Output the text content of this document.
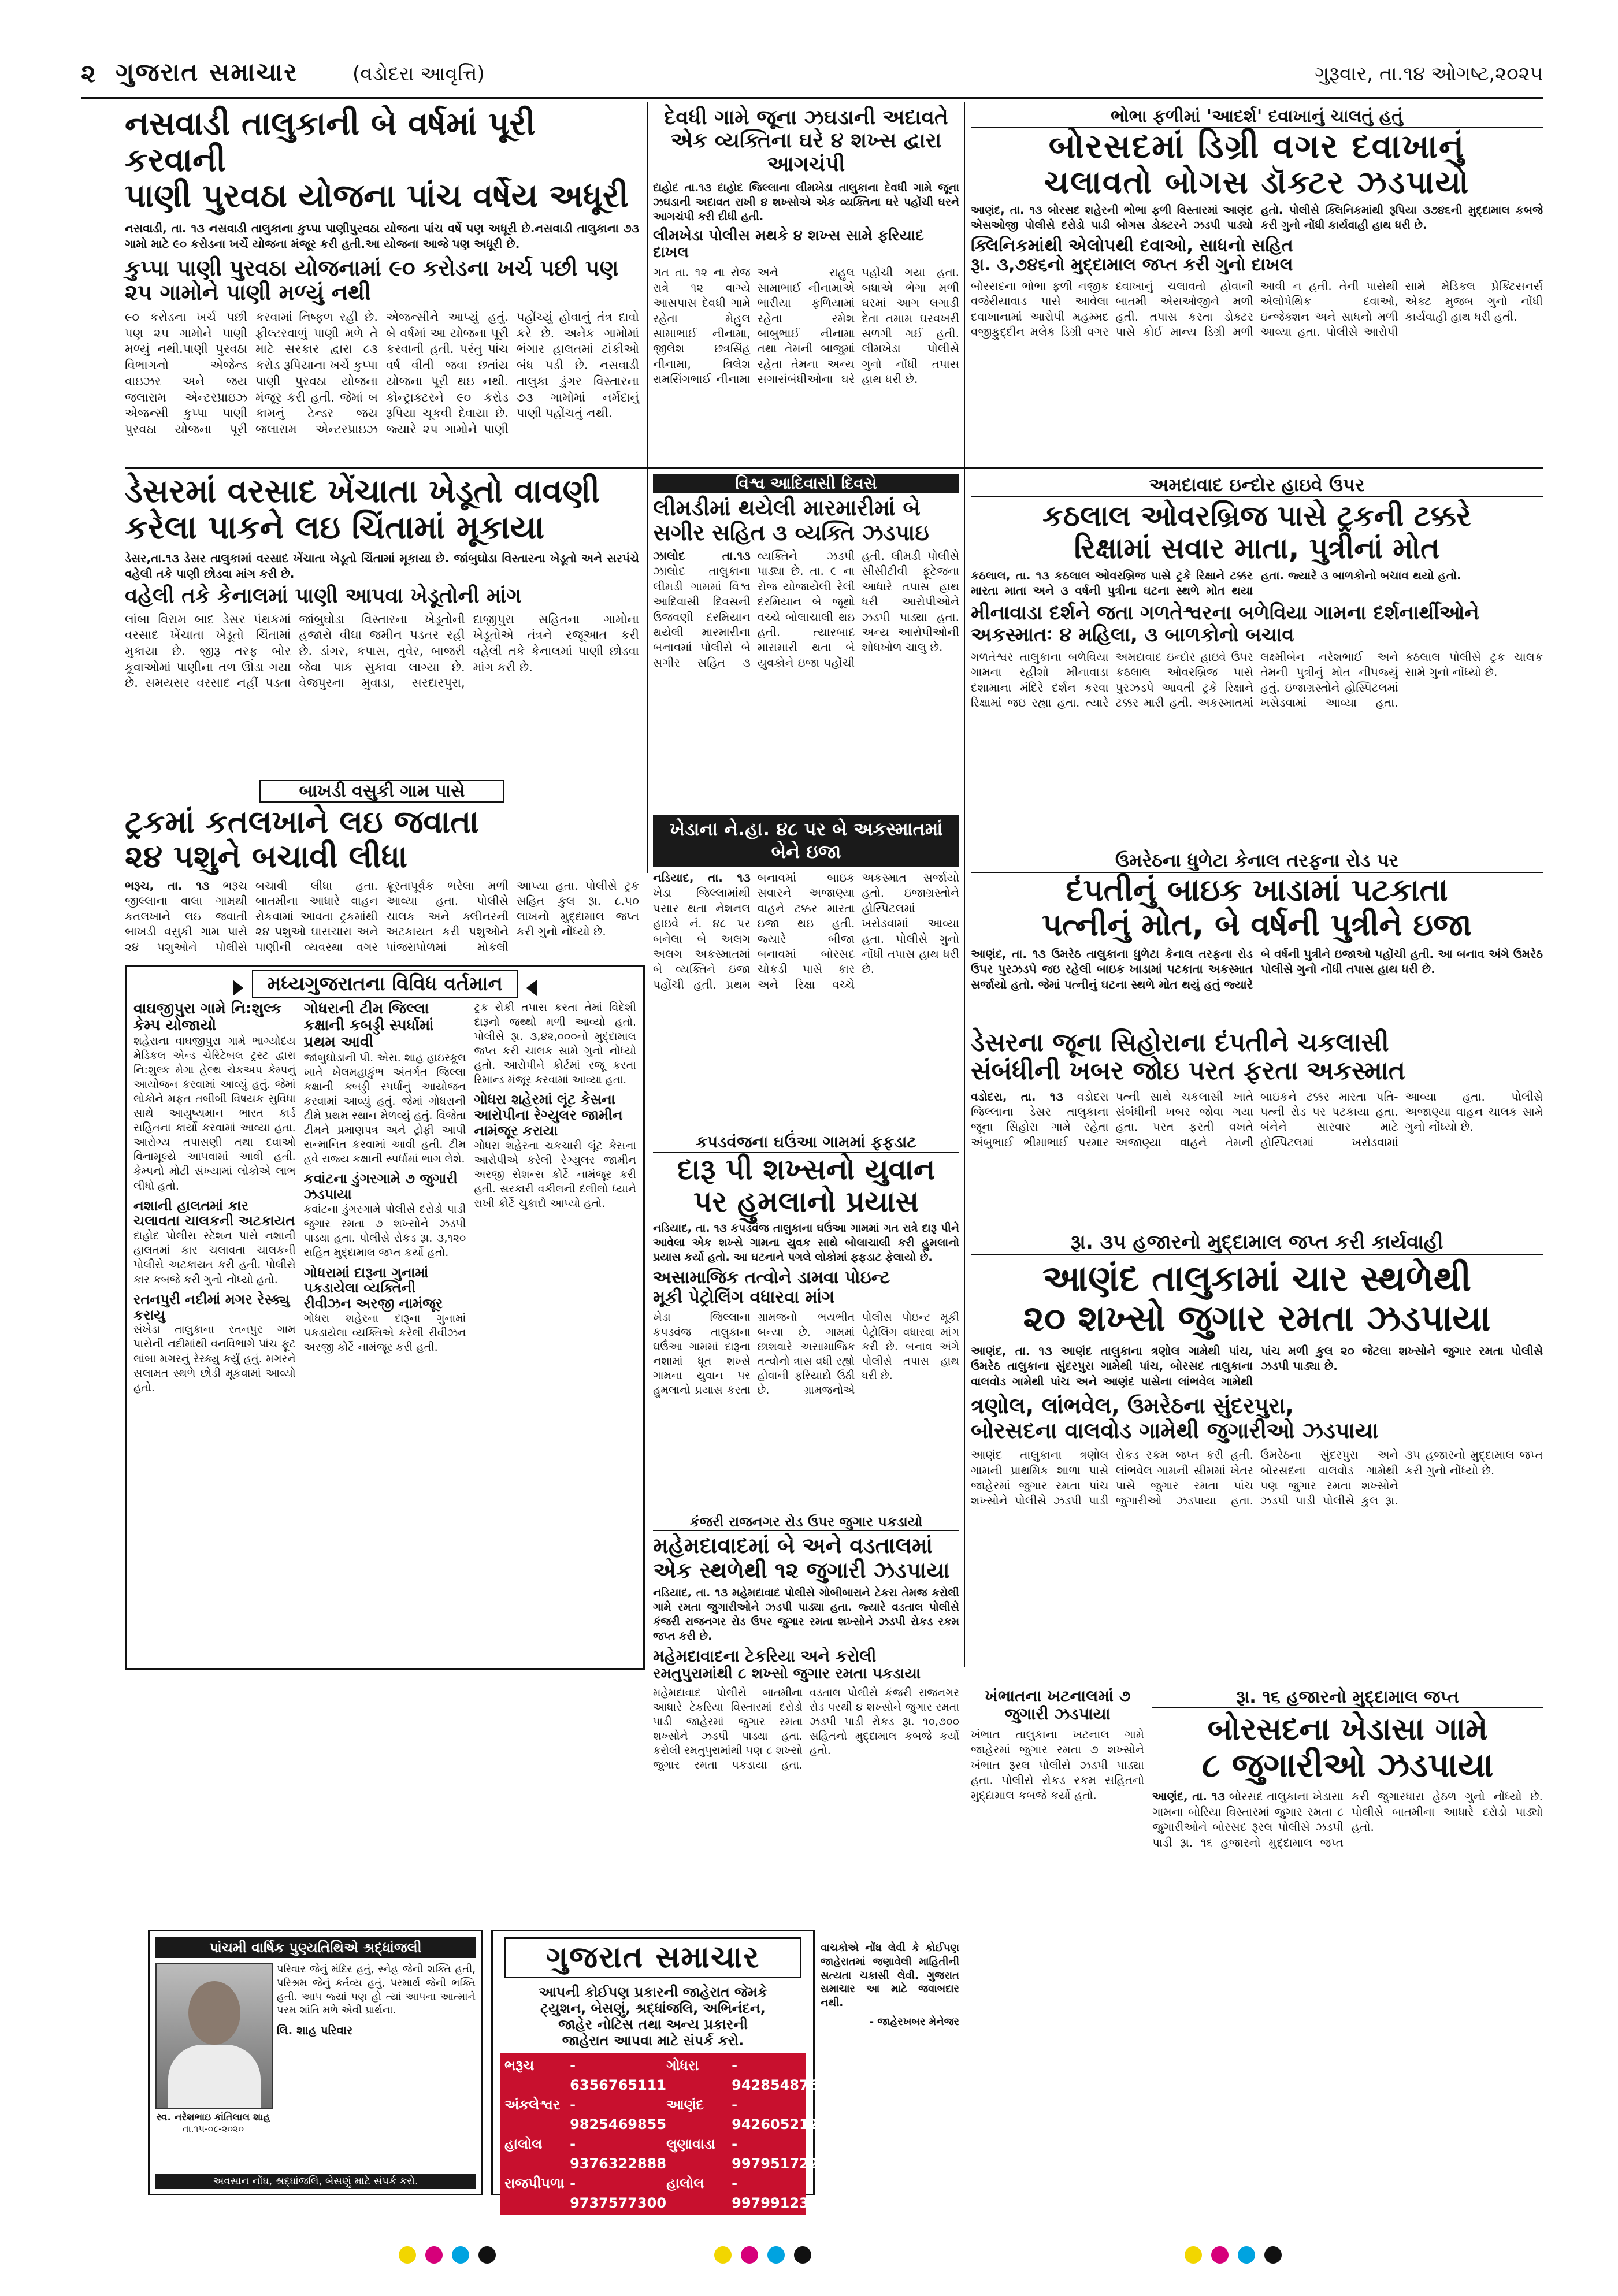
૨ ગુજરાત સમાચાર	(વડોદરા આવૃત્તિ)	ગુરૂવાર, તા.૧૪ ઓગષ્ટ,૨૦૨૫
નસવાડી તાલુકાની બે વર્ષમાં પૂરી કરવાની
પાણી પુરવઠા યોજના પાંચ વર્ષેય અધૂરી
નસવાડી, તા. ૧૩ નસવાડી તાલુકાના કુપ્પા પાણીપુરવઠા યોજના પાંચ વર્ષે પણ અધૂરી છે.નસવાડી તાલુકાના ૭૩ ગામો માટે ૯૦ કરોડના ખર્ચે યોજના મંજૂર કરી હતી.આ યોજના આજે પણ અધૂરી છે.
કુપ્પા પાણી પુરવઠા યોજનામાં ૯૦ કરોડના ખર્ચ પછી પણ ૨૫ ગામોને પાણી મળ્યું નથી
૯૦ કરોડના ખર્ચ પછી પણ ૨૫ ગામોને પાણી મળ્યું નથી.પાણી પુરવઠા વિભાગનો એજેન્ડ વાઇઝર અને જય જલારામ એન્ટરપ્રાઇઝ એજન્સી કુપ્પા પાણી પુરવઠા યોજના પૂરી કરવામાં નિષ્ફળ રહી છે. ફીલ્ટરવાળું પાણી મળે તે માટે સરકાર દ્વારા ૮૩ કરોડ રૂપિયાના ખર્ચે કુપ્પા પાણી પુરવઠા યોજના મંજૂર કરી હતી. જેમાં બ કામનું ટેન્ડર જય જલારામ એન્ટરપ્રાઇઝ એજન્સીને આપ્યું હતું. બે વર્ષમાં આ યોજના પૂરી કરવાની હતી. પરંતુ પાંચ વર્ષ વીતી જવા છતાંય યોજના પૂરી થઇ નથી. કોન્ટ્રાક્ટરને ૯૦ કરોડ રૂપિયા ચૂકવી દેવાયા છે. જ્યારે ૨૫ ગામોને પાણી પહોંચ્યું હોવાનું તંત્ર દાવો કરે છે. અનેક ગામોમાં ભંગાર હાલતમાં ટાંકીઓ બંધ પડી છે. નસવાડી તાલુકા ડુંગર વિસ્તારના ૭૩ ગામોમાં નર્મદાનું પાણી પહોંચતું નથી.
દેવધી ગામે જૂના ઝઘડાની અદાવતે એક વ્યક્તિના ઘરે ૪ શખ્સ દ્વારા આગચંપી
દાહોદ તા.૧૩ દાહોદ જિલ્લાના લીમખેડા તાલુકાના દેવધી ગામે જૂના ઝઘડાની અદાવત રાખી ૪ શખ્સોએ એક વ્યક્તિના ઘરે પહોંચી ઘરને આગચંપી કરી દીધી હતી.
લીમખેડા પોલીસ મથકે ૪ શખ્સ સામે ફરિયાદ દાખલ
ગત તા. ૧૨ ના રોજ રાત્રે ૧૨ વાગ્યે આસપાસ દેવધી ગામે રહેતા મેહુલ સામાભાઈ નીનામા, જીલેશ છત્રસિંહ નીનામા, ત્રિલેશ રામસિંગભાઈ નીનામા અને રાહુલ સામાભાઈ નીનામાએ ભારીયા ફળિયામાં રહેતા રમેશ બાબુભાઈ નીનામા તથા તેમની બાજુમાં રહેતા તેમના અન્ય સગાસંબંધીઓના ઘરે પહોંચી ગયા હતા. બધાએ ભેગા મળી ઘરમાં આગ લગાડી દેતા તમામ ઘરવખરી સળગી ગઈ હતી. લીમખેડા પોલીસે ગુનો નોંધી તપાસ હાથ ધરી છે.
ભોભા ફળીમાં 'આદર્શ' દવાખાનું ચાલતું હતું
બોરસદમાં ડિગ્રી વગર દવાખાનું
ચલાવતો બોગસ ડૉક્ટર ઝડપાયો
આણંદ, તા. ૧૩ બોરસદ શહેરની ભોભા ફળી વિસ્તારમાં આણંદ એસઓજી પોલીસે દરોડો પાડી બોગસ ડોક્ટરને ઝડપી પાડ્યો હતો. પોલીસે ક્લિનિકમાંથી રૂપિયા ૩૭૪૬ની મુદ્દામાલ કબજે કરી ગુનો નોંધી કાર્યવાહી હાથ ધરી છે.
ક્લિનિકમાંથી એલોપથી દવાઓ, સાધનો સહિત
રૂા. ૩,૭૪૬નો મુદ્દામાલ જપ્ત કરી ગુનો દાખલ
બોરસદના ભોભા ફળી નજીક વજેરીયાવાડ પાસે આવેલા દવાખાનામાં આરોપી મહમ્મદ વજીફુદ્દીન મલેક ડિગ્રી વગર દવાખાનું ચલાવતો હોવાની બાતમી એસઓજીને મળી હતી. તપાસ કરતા ડોક્ટર પાસે કોઈ માન્ય ડિગ્રી મળી આવી ન હતી. તેની પાસેથી એલોપેથિક દવાઓ, ઇન્જેક્શન અને સાધનો મળી આવ્યા હતા. પોલીસે આરોપી સામે મેડિકલ પ્રેક્ટિસનર્સ એક્ટ મુજબ ગુનો નોંધી કાર્યવાહી હાથ ધરી હતી.
ડેસરમાં વરસાદ ખેંચાતા ખેડૂતો વાવણી
કરેલા પાકને લઇ ચિંતામાં મૂકાયા
ડેસર,તા.૧૩ ડેસર તાલુકામાં વરસાદ ખેંચાતા ખેડૂતો ચિંતામાં મૂકાયા છે. જાંબુઘોડા વિસ્તારના ખેડૂતો અને સરપંચે વહેલી તકે પાણી છોડવા માંગ કરી છે.
વહેલી તકે કેનાલમાં પાણી આપવા ખેડૂતોની માંગ
લાંબા વિરામ બાદ ડેસર પંથકમાં વરસાદ ખેંચાતા ખેડૂતો ચિંતામાં મુકાયા છે. જીરૂ તરફ બોર કૂવાઓમાં પાણીના તળ ઊંડા ગયા છે. સમયસર વરસાદ નહીં પડતા જાંબુઘોડા વિસ્તારના ખેડૂતોની હજારો વીઘા જમીન પડતર રહી છે. ડાંગર, કપાસ, તુવેર, બાજરી જેવા પાક સુકાવા લાગ્યા છે. વેજપુરના મુવાડા, સરદારપુરા, દાજીપુરા સહિતના ગામોના ખેડૂતોએ તંત્રને રજૂઆત કરી વહેલી તકે કેનાલમાં પાણી છોડવા માંગ કરી છે.
વિશ્વ આદિવાસી દિવસે
લીમડીમાં થયેલી મારમારીમાં બે
સગીર સહિત ૩ વ્યક્તિ ઝડપાઇ
ઝાલોદ તા.૧૩ ઝાલોદ તાલુકાના લીમડી ગામમાં વિશ્વ આદિવાસી દિવસની ઉજવણી દરમિયાન થયેલી મારમારીના બનાવમાં પોલીસે બે સગીર સહિત ૩ વ્યક્તિને ઝડપી પાડ્યા છે. તા. ૯ ના રોજ યોજાયેલી રેલી દરમિયાન બે જૂથો વચ્ચે બોલાચાલી થઇ હતી. ત્યારબાદ મારામારી થતા બે યુવકોને ઇજા પહોંચી હતી. લીમડી પોલીસે સીસીટીવી ફૂટેજના આધારે તપાસ હાથ ધરી આરોપીઓને ઝડપી પાડ્યા હતા. અન્ય આરોપીઓની શોધખોળ ચાલુ છે.
અમદાવાદ ઇન્દોર હાઇવે ઉપર
કઠલાલ ઓવરબ્રિજ પાસે ટ્રકની ટક્કરે
રિક્ષામાં સવાર માતા, પુત્રીનાં મોત
કઠલાલ, તા. ૧૩ કઠલાલ ઓવરબ્રિજ પાસે ટ્રકે રિક્ષાને ટક્કર મારતા માતા અને ૩ વર્ષની પુત્રીના ઘટના સ્થળે મોત થયા હતા. જ્યારે ૩ બાળકોનો બચાવ થયો હતો.
મીનાવાડા દર્શને જતા ગળતેશ્વરના બળેવિયા ગામના દર્શનાર્થીઓને અકસ્માતઃ ૪ મહિલા, ૩ બાળકોનો બચાવ
ગળતેશ્વર તાલુકાના બળેવિયા ગામના રહીશો મીનાવાડા દશામાના મંદિરે દર્શન કરવા રિક્ષામાં જઇ રહ્યા હતા. ત્યારે અમદાવાદ ઇન્દોર હાઇવે ઉપર કઠલાલ ઓવરબ્રિજ પાસે પુરઝડપે આવતી ટ્રકે રિક્ષાને ટક્કર મારી હતી. અકસ્માતમાં લક્ષ્મીબેન નરેશભાઈ અને તેમની પુત્રીનું મોત નીપજ્યું હતું. ઇજાગ્રસ્તોને હોસ્પિટલમાં ખસેડવામાં આવ્યા હતા. કઠલાલ પોલીસે ટ્રક ચાલક સામે ગુનો નોંધ્યો છે.
બાખડી વસુકી ગામ પાસે
ટ્રકમાં કતલખાને લઇ જવાતા
૨૪ પશુને બચાવી લીધા
ભરૂચ, તા. ૧૩ ભરૂચ જીલ્લાના વાલા ગામથી કતલખાને લઇ જવાતી બાખડી વસુકી ગામ પાસે ૨૪ પશુઓને પોલીસે બચાવી લીધા હતા. બાતમીના આધારે વાહન રોકવામાં આવતા ટ્રકમાંથી ૨૪ પશુઓ ઘાસચારા અને પાણીની વ્યવસ્થા વગર ક્રૂરતાપૂર્વક ભરેલા મળી આવ્યા હતા. પોલીસે ચાલક અને ક્લીનરની અટકાયત કરી પશુઓને પાંજરાપોળમાં મોકલી આપ્યા હતા. પોલીસે ટ્રક સહિત કુલ રૂા. ૮.૫૦ લાખનો મુદ્દામાલ જપ્ત કરી ગુનો નોંધ્યો છે.
ખેડાના ને.હા. ૪૮ પર બે અકસ્માતમાં બેને ઇજા
નડિયાદ, તા. ૧૩ ખેડા જિલ્લામાંથી પસાર થતા નેશનલ હાઇવે નં. ૪૮ પર બનેલા બે અલગ અલગ અકસ્માતમાં બે વ્યક્તિને ઇજા પહોંચી હતી. પ્રથમ બનાવમાં બાઇક સવારને અજાણ્યા વાહને ટક્કર મારતા ઇજા થઇ હતી. જ્યારે બીજા બનાવમાં બોરસદ ચોકડી પાસે કાર અને રિક્ષા વચ્ચે અકસ્માત સર્જાયો હતો. ઇજાગ્રસ્તોને હોસ્પિટલમાં ખસેડવામાં આવ્યા હતા. પોલીસે ગુનો નોંધી તપાસ હાથ ધરી છે.
ઉમરેઠના ધુળેટા કેનાલ તરફના રોડ પર
દંપતીનું બાઇક ખાડામાં પટકાતા
પત્નીનું મોત, બે વર્ષની પુત્રીને ઇજા
આણંદ, તા. ૧૩ ઉમરેઠ તાલુકાના ધુળેટા કેનાલ તરફના રોડ ઉપર પુરઝડપે જઇ રહેલી બાઇક ખાડામાં પટકાતા અકસ્માત સર્જાયો હતો. જેમાં પત્નીનું ઘટના સ્થળે મોત થયું હતું જ્યારે બે વર્ષની પુત્રીને ઇજાઓ પહોંચી હતી. આ બનાવ અંગે ઉમરેઠ પોલીસે ગુનો નોંધી તપાસ હાથ ધરી છે.
મધ્યગુજરાતના વિવિધ વર્તમાન
વાઘજીપુરા ગામે નિ:શુલ્ક કેમ્પ યોજાયો
શહેરાના વાઘજીપુરા ગામે ભાગ્યોદય મેડિકલ એન્ડ ચેરિટેબલ ટ્રસ્ટ દ્વારા નિ:શુલ્ક મેગા હેલ્થ ચેકઅપ કેમ્પનું આયોજન કરવામાં આવ્યું હતું. જેમાં લોકોને મફત તબીબી વિષયક સુવિધા સાથે આયુષ્યમાન ભારત કાર્ડ સહિતના કાર્યો કરવામાં આવ્યા હતા. આરોગ્ય તપાસણી તથા દવાઓ વિનામૂલ્યે આપવામાં આવી હતી. કેમ્પનો મોટી સંખ્યામાં લોકોએ લાભ લીધો હતો.
નશાની હાલતમાં કાર ચલાવતા ચાલકની અટકાયત
દાહોદ પોલીસ સ્ટેશન પાસે નશાની હાલતમાં કાર ચલાવતા ચાલકની પોલીસે અટકાયત કરી હતી. પોલીસે કાર કબજે કરી ગુનો નોંધ્યો હતો.
રતનપુરી નદીમાં મગર રેસ્ક્યુ કરાયુ
સંખેડા તાલુકાના રતનપુર ગામ પાસેની નદીમાંથી વનવિભાગે પાંચ ફૂટ લાંબા મગરનું રેસ્ક્યુ કર્યું હતું. મગરને સલામત સ્થળે છોડી મૂકવામાં આવ્યો હતો.
ગોધરાની ટીમ જિલ્લા કક્ષાની કબડ્ડી સ્પર્ધામાં પ્રથમ આવી
જાંબુઘોડાની પી. એસ. શાહ હાઇસ્કૂલ ખાતે ખેલમહાકુંભ અંતર્ગત જિલ્લા કક્ષાની કબડ્ડી સ્પર્ધાનું આયોજન કરવામાં આવ્યું હતું. જેમાં ગોધરાની ટીમે પ્રથમ સ્થાન મેળવ્યું હતું. વિજેતા ટીમને પ્રમાણપત્ર અને ટ્રોફી આપી સન્માનિત કરવામાં આવી હતી. ટીમ હવે રાજ્ય કક્ષાની સ્પર્ધામાં ભાગ લેશે.
કવાંટના ડુંગરગામે ૭ જુગારી ઝડપાયા
કવાંટના ડુંગરગામે પોલીસે દરોડો પાડી જુગાર રમતા ૭ શખ્સોને ઝડપી પાડ્યા હતા. પોલીસે રોકડ રૂા. ૩,૧૨૦ સહિત મુદ્દામાલ જપ્ત કર્યો હતો.
ગોધરામાં દારૂના ગુનામાં પકડાયેલા વ્યક્તિની રીવીઝન અરજી નામંજૂર
ગોધરા શહેરના દારૂના ગુનામાં પકડાયેલા વ્યક્તિએ કરેલી રીવીઝન અરજી કોર્ટે નામંજૂર કરી હતી.
ટ્રક રોકી તપાસ કરતા તેમાં વિદેશી દારૂનો જથ્થો મળી આવ્યો હતો. પોલીસે રૂા. ૩,૪૨,૦૦૦નો મુદ્દામાલ જપ્ત કરી ચાલક સામે ગુનો નોંધ્યો હતો. આરોપીને કોર્ટમાં રજૂ કરતા રિમાન્ડ મંજૂર કરવામાં આવ્યા હતા.
ગોધરા શહેરમાં લૂંટ કેસના આરોપીના રેગ્યુલર જામીન નામંજૂર કરાયા
ગોધરા શહેરના ચકચારી લૂંટ કેસના આરોપીએ કરેલી રેગ્યુલર જામીન અરજી સેશન્સ કોર્ટે નામંજૂર કરી હતી. સરકારી વકીલની દલીલો ધ્યાને રાખી કોર્ટે ચુકાદો આપ્યો હતો.
કપડવંજના ઘઉંઆ ગામમાં ફફડાટ
દારૂ પી શખ્સનો યુવાન
પર હુમલાનો પ્રયાસ
નડિયાદ, તા. ૧૩ કપડવંજ તાલુકાના ઘઉંઆ ગામમાં ગત રાત્રે દારૂ પીને આવેલા એક શખ્સે ગામના યુવક સાથે બોલાચાલી કરી હુમલાનો પ્રયાસ કર્યો હતો. આ ઘટનાને પગલે લોકોમાં ફફડાટ ફેલાયો છે.
અસામાજિક તત્વોને ડામવા પોઇન્ટ
મૂકી પેટ્રોલિંગ વધારવા માંગ
ખેડા જિલ્લાના કપડવંજ તાલુકાના ઘઉંઆ ગામમાં દારૂના નશામાં ધૂત શખ્સે ગામના યુવાન પર હુમલાનો પ્રયાસ કરતા ગ્રામજનો ભયભીત બન્યા છે. ગામમાં છાશવારે અસામાજિક તત્વોનો ત્રાસ વધી રહ્યો હોવાની ફરિયાદો ઉઠી છે. ગ્રામજનોએ પોલીસ પોઇન્ટ મૂકી પેટ્રોલિંગ વધારવા માંગ કરી છે. બનાવ અંગે પોલીસે તપાસ હાથ ધરી છે.
ડેસરના જૂના સિહોરાના દંપતીને ચકલાસી
સંબંધીની ખબર જોઇ પરત ફરતા અકસ્માત
વડોદરા, તા. ૧૩ વડોદરા જિલ્લાના ડેસર તાલુકાના જૂના સિહોરા ગામે રહેતા અંબુભાઈ ભીમાભાઈ પરમાર પત્ની સાથે ચકલાસી ખાતે સંબંધીની ખબર જોવા ગયા હતા. પરત ફરતી વખતે અજાણ્યા વાહને તેમની બાઇકને ટક્કર મારતા પતિ-પત્ની રોડ પર પટકાયા હતા. બંનેને સારવાર માટે હોસ્પિટલમાં ખસેડવામાં આવ્યા હતા. પોલીસે અજાણ્યા વાહન ચાલક સામે ગુનો નોંધ્યો છે.
રૂા. ૩૫ હજારનો મુદ્દામાલ જપ્ત કરી કાર્યવાહી
આણંદ તાલુકામાં ચાર સ્થળેથી
૨૦ શખ્સો જુગાર રમતા ઝડપાયા
આણંદ, તા. ૧૩ આણંદ તાલુકાના ત્રણોલ ગામેથી પાંચ, ઉમરેઠ તાલુકાના સુંદરપુરા ગામેથી પાંચ, બોરસદ તાલુકાના વાલવોડ ગામેથી પાંચ અને આણંદ પાસેના લાંભવેલ ગામેથી પાંચ મળી કુલ ૨૦ જેટલા શખ્સોને જુગાર રમતા પોલીસે ઝડપી પાડ્યા છે.
ત્રણોલ, લાંભવેલ, ઉમરેઠના સુંદરપુરા,
બોરસદના વાલવોડ ગામેથી જુગારીઓ ઝડપાયા
આણંદ તાલુકાના ત્રણોલ ગામની પ્રાથમિક શાળા પાસે જાહેરમાં જુગાર રમતા પાંચ શખ્સોને પોલીસે ઝડપી પાડી રોકડ રકમ જપ્ત કરી હતી. લાંભવેલ ગામની સીમમાં ખેતર પાસે જુગાર રમતા પાંચ જુગારીઓ ઝડપાયા હતા. ઉમરેઠના સુંદરપુરા અને બોરસદના વાલવોડ ગામેથી પણ જુગાર રમતા શખ્સોને ઝડપી પાડી પોલીસે કુલ રૂા. ૩૫ હજારનો મુદ્દામાલ જપ્ત કરી ગુનો નોંધ્યો છે.
કંજરી રાજનગર રોડ ઉપર જુગાર પકડાયો
મહેમદાવાદમાં બે અને વડતાલમાં
એક સ્થળેથી ૧૨ જુગારી ઝડપાયા
નડિયાદ, તા. ૧૩ મહેમદાવાદ પોલીસે ગોબીબારાને ટેકરા તેમજ કરોલી ગામે રમતા જુગારીઓને ઝડપી પાડ્યા હતા. જ્યારે વડતાલ પોલીસે કંજરી રાજનગર રોડ ઉપર જુગાર રમતા શખ્સોને ઝડપી રોકડ રકમ જપ્ત કરી છે.
મહેમદાવાદના ટેકરિયા અને કરોલી
રમતુપુરામાંથી ૮ શખ્સો જુગાર રમતા પકડાયા
મહેમદાવાદ પોલીસે બાતમીના આધારે ટેકરિયા વિસ્તારમાં દરોડો પાડી જાહેરમાં જુગાર રમતા શખ્સોને ઝડપી પાડ્યા હતા. કરોલી રમતુપુરામાંથી પણ ૮ શખ્સો જુગાર રમતા પકડાયા હતા. વડતાલ પોલીસે કંજરી રાજનગર રોડ પરથી ૪ શખ્સોને જુગાર રમતા ઝડપી પાડી રોકડ રૂા. ૧૦,૭૦૦ સહિતનો મુદ્દામાલ કબજે કર્યો હતો.
ખંભાતના ખટનાલમાં ૭ જુગારી ઝડપાયા
ખંભાત તાલુકાના ખટનાલ ગામે જાહેરમાં જુગાર રમતા ૭ શખ્સોને ખંભાત રૂરલ પોલીસે ઝડપી પાડ્યા હતા. પોલીસે રોકડ રકમ સહિતનો મુદ્દામાલ કબજે કર્યો હતો.
રૂા. ૧૬ હજારનો મુદ્દામાલ જપ્ત
બોરસદના ખેડાસા ગામે
૮ જુગારીઓ ઝડપાયા
આણંદ, તા. ૧૩ બોરસદ તાલુકાના ખેડાસા ગામના બોરિયા વિસ્તારમાં જુગાર રમતા ૮ જુગારીઓને બોરસદ રૂરલ પોલીસે ઝડપી પાડી રૂા. ૧૬ હજારનો મુદ્દામાલ જપ્ત કરી જુગારધારા હેઠળ ગુનો નોંધ્યો છે. પોલીસે બાતમીના આધારે દરોડો પાડ્યો હતો.
પાંચમી વાર્ષિક પુણ્યતિથિએ શ્રદ્ધાંજલી
સ્વ. નરેશભાઇ કાંતિલાલ શાહ
તા.૧૫-૦૮-૨૦૨૦
પરિવાર જેનું મંદિર હતું, સ્નેહ જેની શક્તિ હતી, પરિશ્રમ જેનું કર્તવ્ય હતું, પરમાર્થ જેની ભક્તિ હતી. આપ જ્યાં પણ હો ત્યાં આપના આત્માને પરમ શાંતિ મળે એવી પ્રાર્થના.
લિ. શાહ પરિવાર
અવસાન નોંધ, શ્રદ્ધાંજલિ, બેસણું માટે સંપર્ક કરો.
ગુજરાત સમાચાર
આપની કોઈપણ પ્રકારની જાહેરાત જેમકે
ટ્યુશન, બેસણું, શ્રદ્ધાંજલિ, અભિનંદન,
જાહેર નોટિસ તથા અન્ય પ્રકારની
જાહેરાત આપવા માટે સંપર્ક કરો.
ભરૂચ	- 6356765111
ગોધરા	- 9428548766
અંકલેશ્વર - 9825469855
આણંદ	- 9426052123
હાલોલ	- 9376322888
લુણાવાડા	- 9979517226
રાજપીપળા - 9737577300
હાલોલ	- 9979912300
વાચકોએ નોંધ લેવી કે કોઈપણ જાહેરાતમાં જણાવેલી માહિતીની સત્યતા ચકાસી લેવી. ગુજરાત સમાચાર આ માટે જવાબદાર નથી.
- જાહેરખબર મેનેજર
